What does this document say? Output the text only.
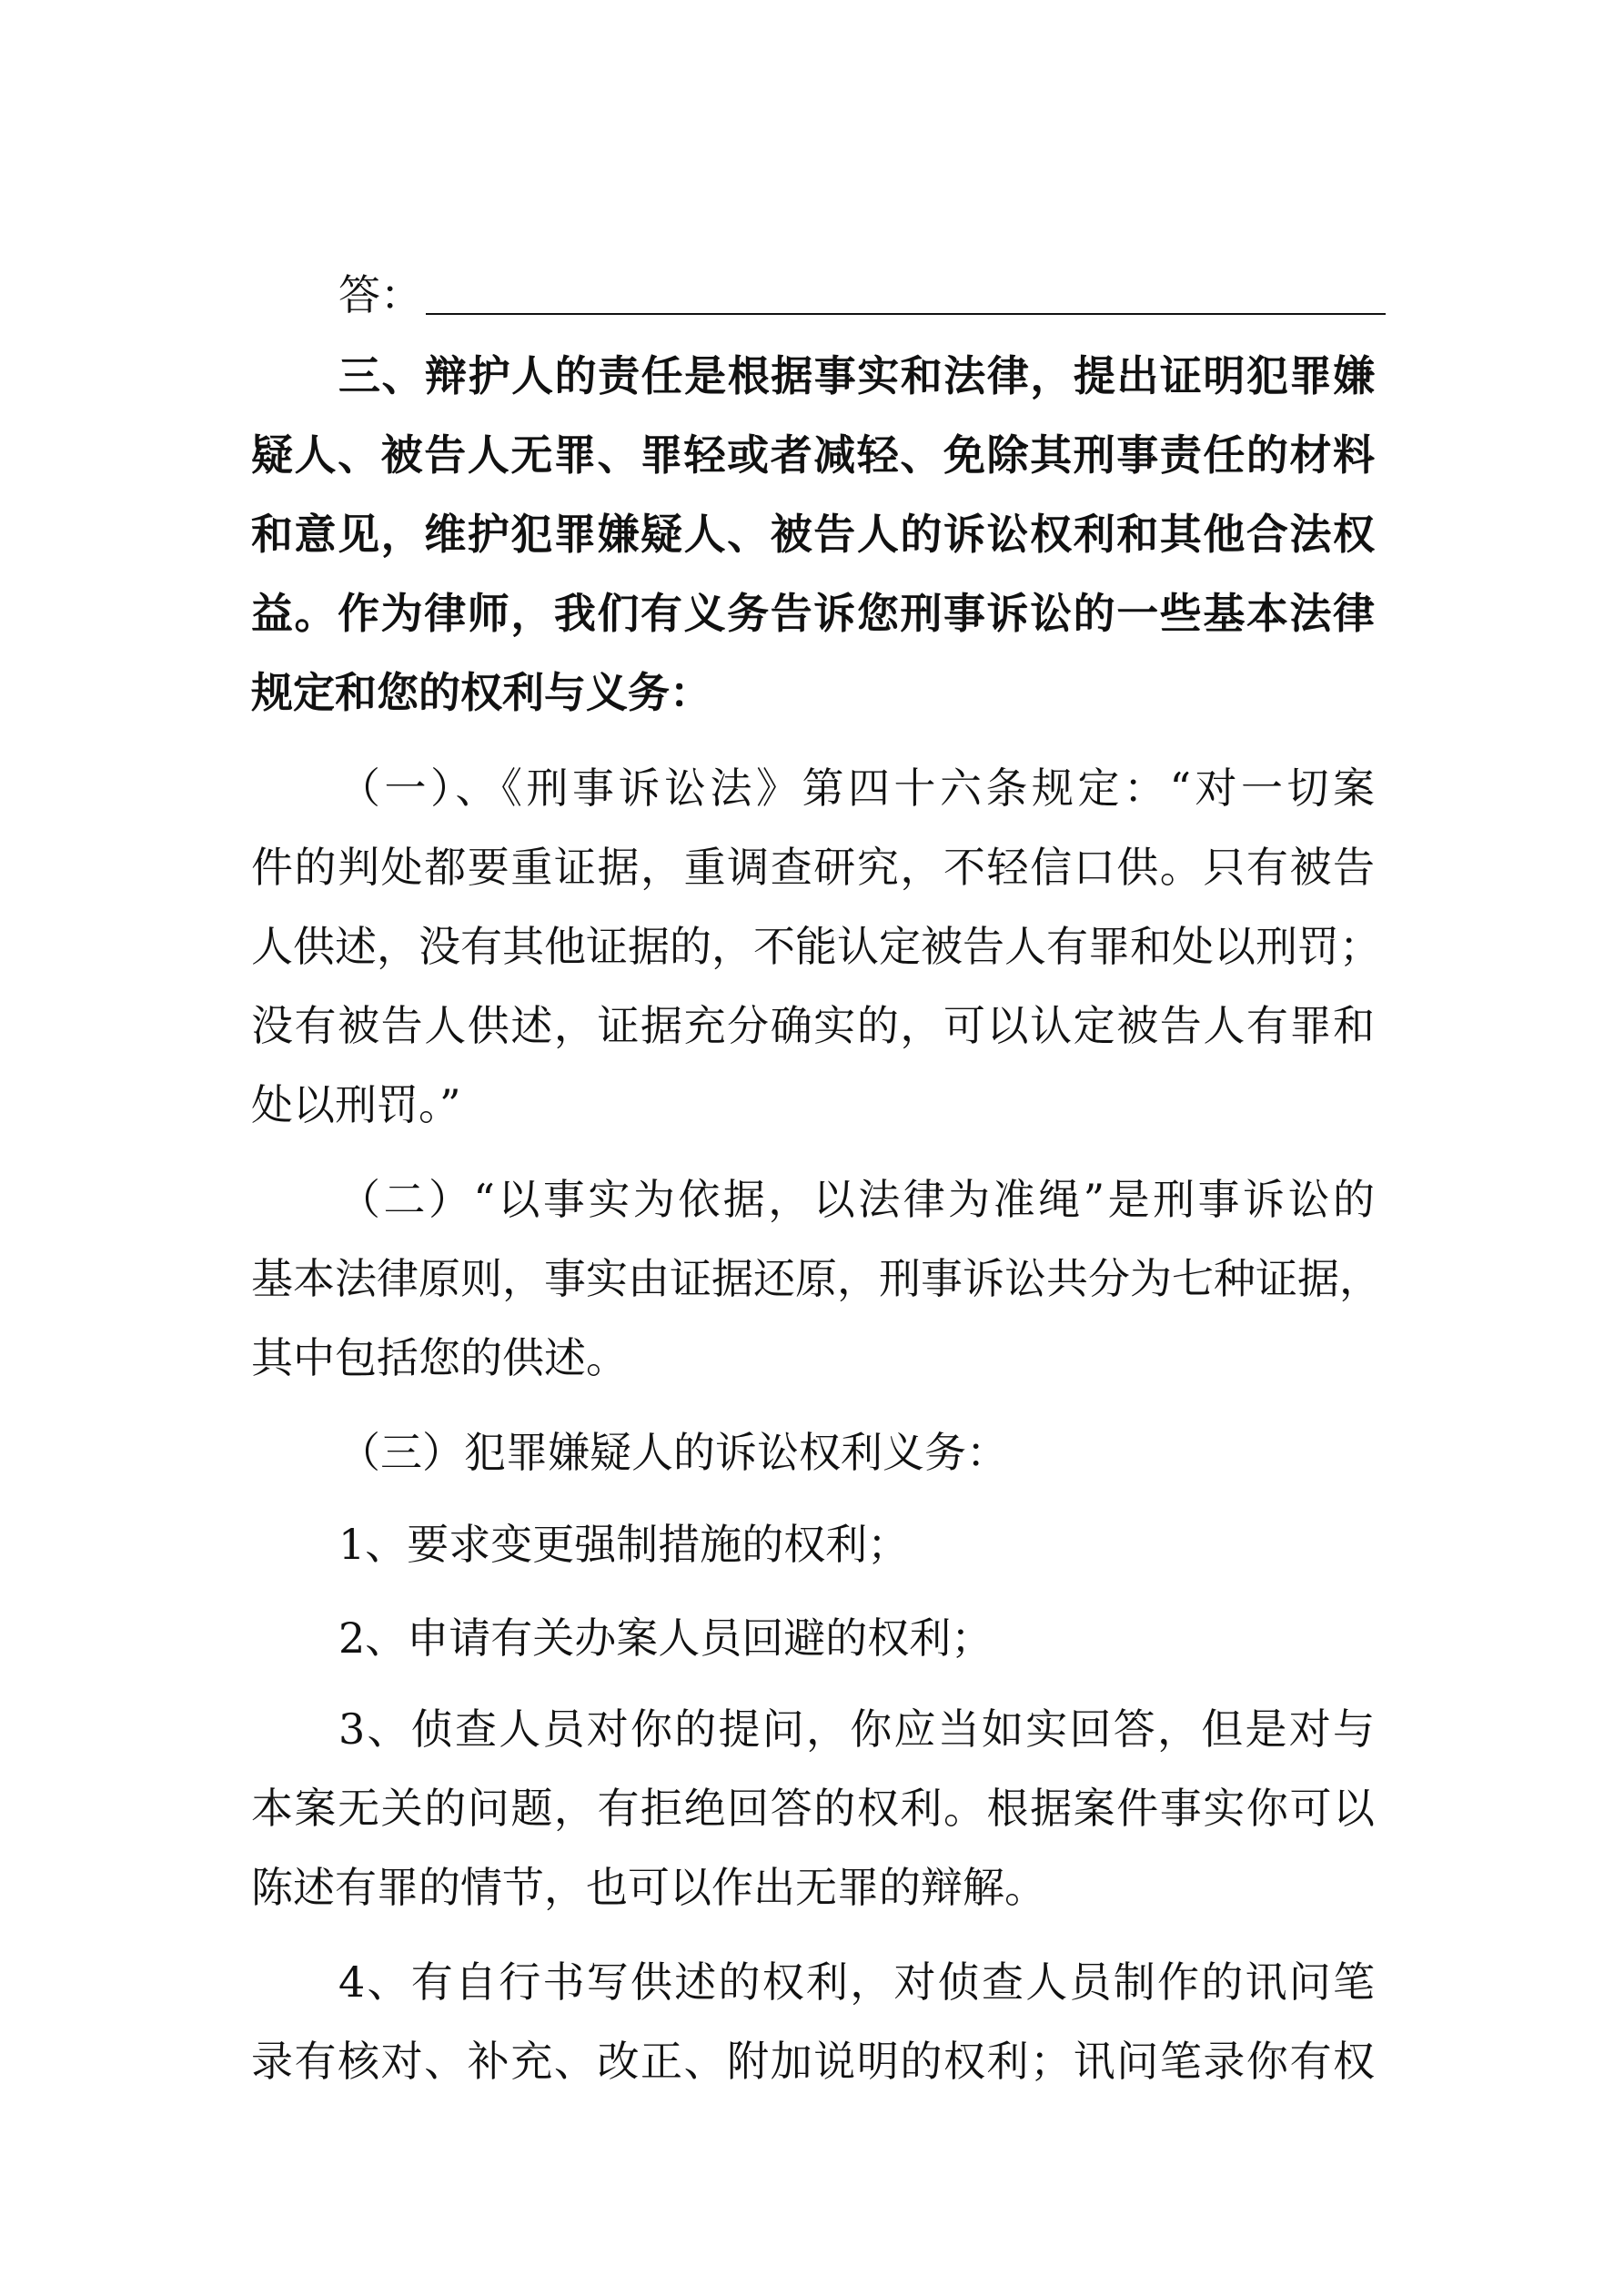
答：
三、辩护人的责任是根据事实和法律，提出证明犯罪嫌
疑人、被告人无罪、罪轻或者减轻、免除其刑事责任的材料
和意见，维护犯罪嫌疑人、被告人的诉讼权利和其他合法权
益。作为律师，我们有义务告诉您刑事诉讼的一些基本法律
规定和您的权利与义务：
（一）、《刑事诉讼法》第四十六条规定：“对一切案
件的判处都要重证据，重调查研究，不轻信口供。只有被告
人供述，没有其他证据的，不能认定被告人有罪和处以刑罚；
没有被告人供述，证据充分确实的，可以认定被告人有罪和
处以刑罚。”
（二）“以事实为依据，以法律为准绳”是刑事诉讼的
基本法律原则，事实由证据还原，刑事诉讼共分为七种证据，
其中包括您的供述。
（三）犯罪嫌疑人的诉讼权利义务：
1、要求变更强制措施的权利；
2、申请有关办案人员回避的权利；
3、侦查人员对你的提问，你应当如实回答，但是对与
本案无关的问题，有拒绝回答的权利。根据案件事实你可以
陈述有罪的情节，也可以作出无罪的辩解。
4、有自行书写供述的权利，对侦查人员制作的讯问笔
录有核对、补充、改正、附加说明的权利；讯问笔录你有权
